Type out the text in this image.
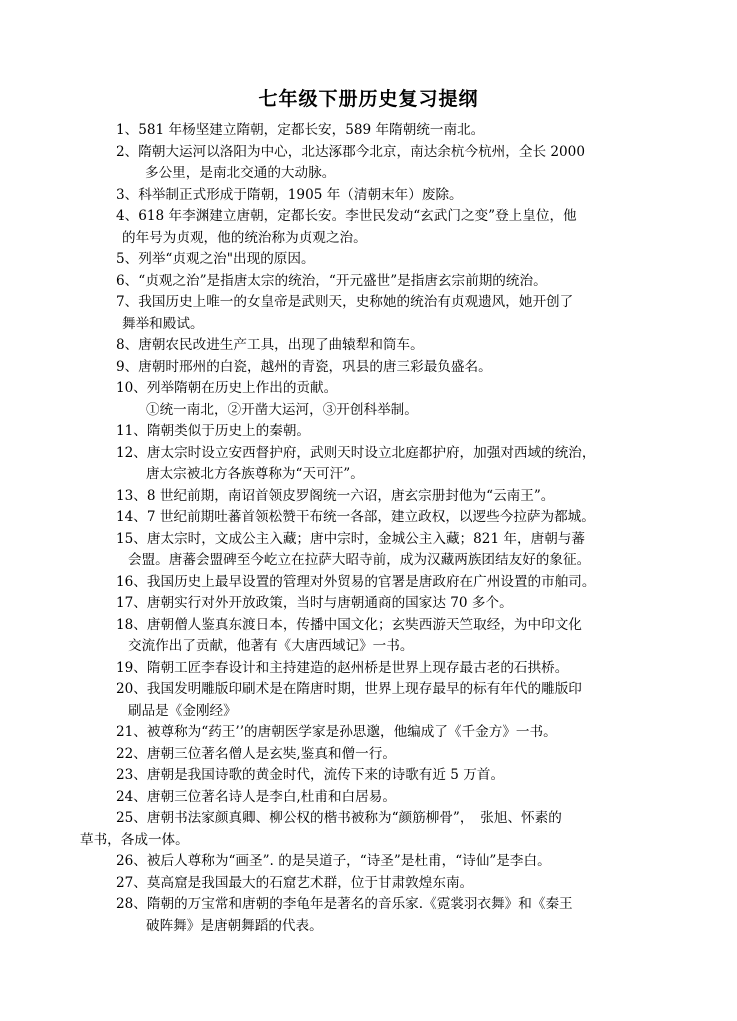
七年级下册历史复习提纲
1、581 年杨坚建立隋朝，定都长安，589 年隋朝统一南北。
2、隋朝大运河以洛阳为中心，北达涿郡今北京，南达余杭今杭州，全长 2000
多公里，是南北交通的大动脉。
3、科举制正式形成于隋朝，1905 年（清朝末年）废除。
4、618 年李渊建立唐朝，定都长安。李世民发动“玄武门之变”登上皇位，他
的年号为贞观，他的统治称为贞观之治。
5、列举“贞观之治"出现的原因。
6、“贞观之治”是指唐太宗的统治，“开元盛世”是指唐玄宗前期的统治。
7、我国历史上唯一的女皇帝是武则天，史称她的统治有贞观遗风，她开创了
舞举和殿试。
8、唐朝农民改进生产工具，出现了曲辕犁和筒车。
9、唐朝时邢州的白瓷，越州的青瓷，巩县的唐三彩最负盛名。
10、列举隋朝在历史上作出的贡献。
①统一南北，②开凿大运河，③开创科举制。
11、隋朝类似于历史上的秦朝。
12、唐太宗时设立安西督护府，武则天时设立北庭都护府，加强对西域的统治，
唐太宗被北方各族尊称为“天可汗”。
13、8 世纪前期，南诏首领皮罗阁统一六诏，唐玄宗册封他为“云南王”。
14、7 世纪前期吐蕃首领松赞干布统一各部，建立政权，以逻些今拉萨为都城。
15、唐太宗时，文成公主入藏；唐中宗时，金城公主入藏；821 年，唐朝与蕃
会盟。唐蕃会盟碑至今屹立在拉萨大昭寺前，成为汉藏两族团结友好的象征。
16、我国历史上最早设置的管理对外贸易的官署是唐政府在广州设置的市舶司。
17、唐朝实行对外开放政策，当时与唐朝通商的国家达 70 多个。
18、唐朝僧人鉴真东渡日本，传播中国文化；玄奘西游天竺取经，为中印文化
交流作出了贡献，他著有《大唐西域记》一书。
19、隋朝工匠李春设计和主持建造的赵州桥是世界上现存最古老的石拱桥。
20、我国发明雕版印刷术是在隋唐时期，世界上现存最早的标有年代的雕版印
刷品是《金刚经》
21、被尊称为“药王’’的唐朝医学家是孙思邈，他编成了《千金方》一书。
22、唐朝三位著名僧人是玄奘,鉴真和僧一行。
23、唐朝是我国诗歌的黄金时代，流传下来的诗歌有近 5 万首。
24、唐朝三位著名诗人是李白,杜甫和白居易。
25、唐朝书法家颜真卿、柳公权的楷书被称为“颜筋柳骨”，　张旭、怀素的
草书，各成一体。
26、被后人尊称为“画圣”. 的是吴道子，“诗圣”是杜甫，“诗仙”是李白。
27、莫高窟是我国最大的石窟艺术群，位于甘肃敦煌东南。
28、隋朝的万宝常和唐朝的李龟年是著名的音乐家.《霓裳羽衣舞》和《秦王
破阵舞》是唐朝舞蹈的代表。
